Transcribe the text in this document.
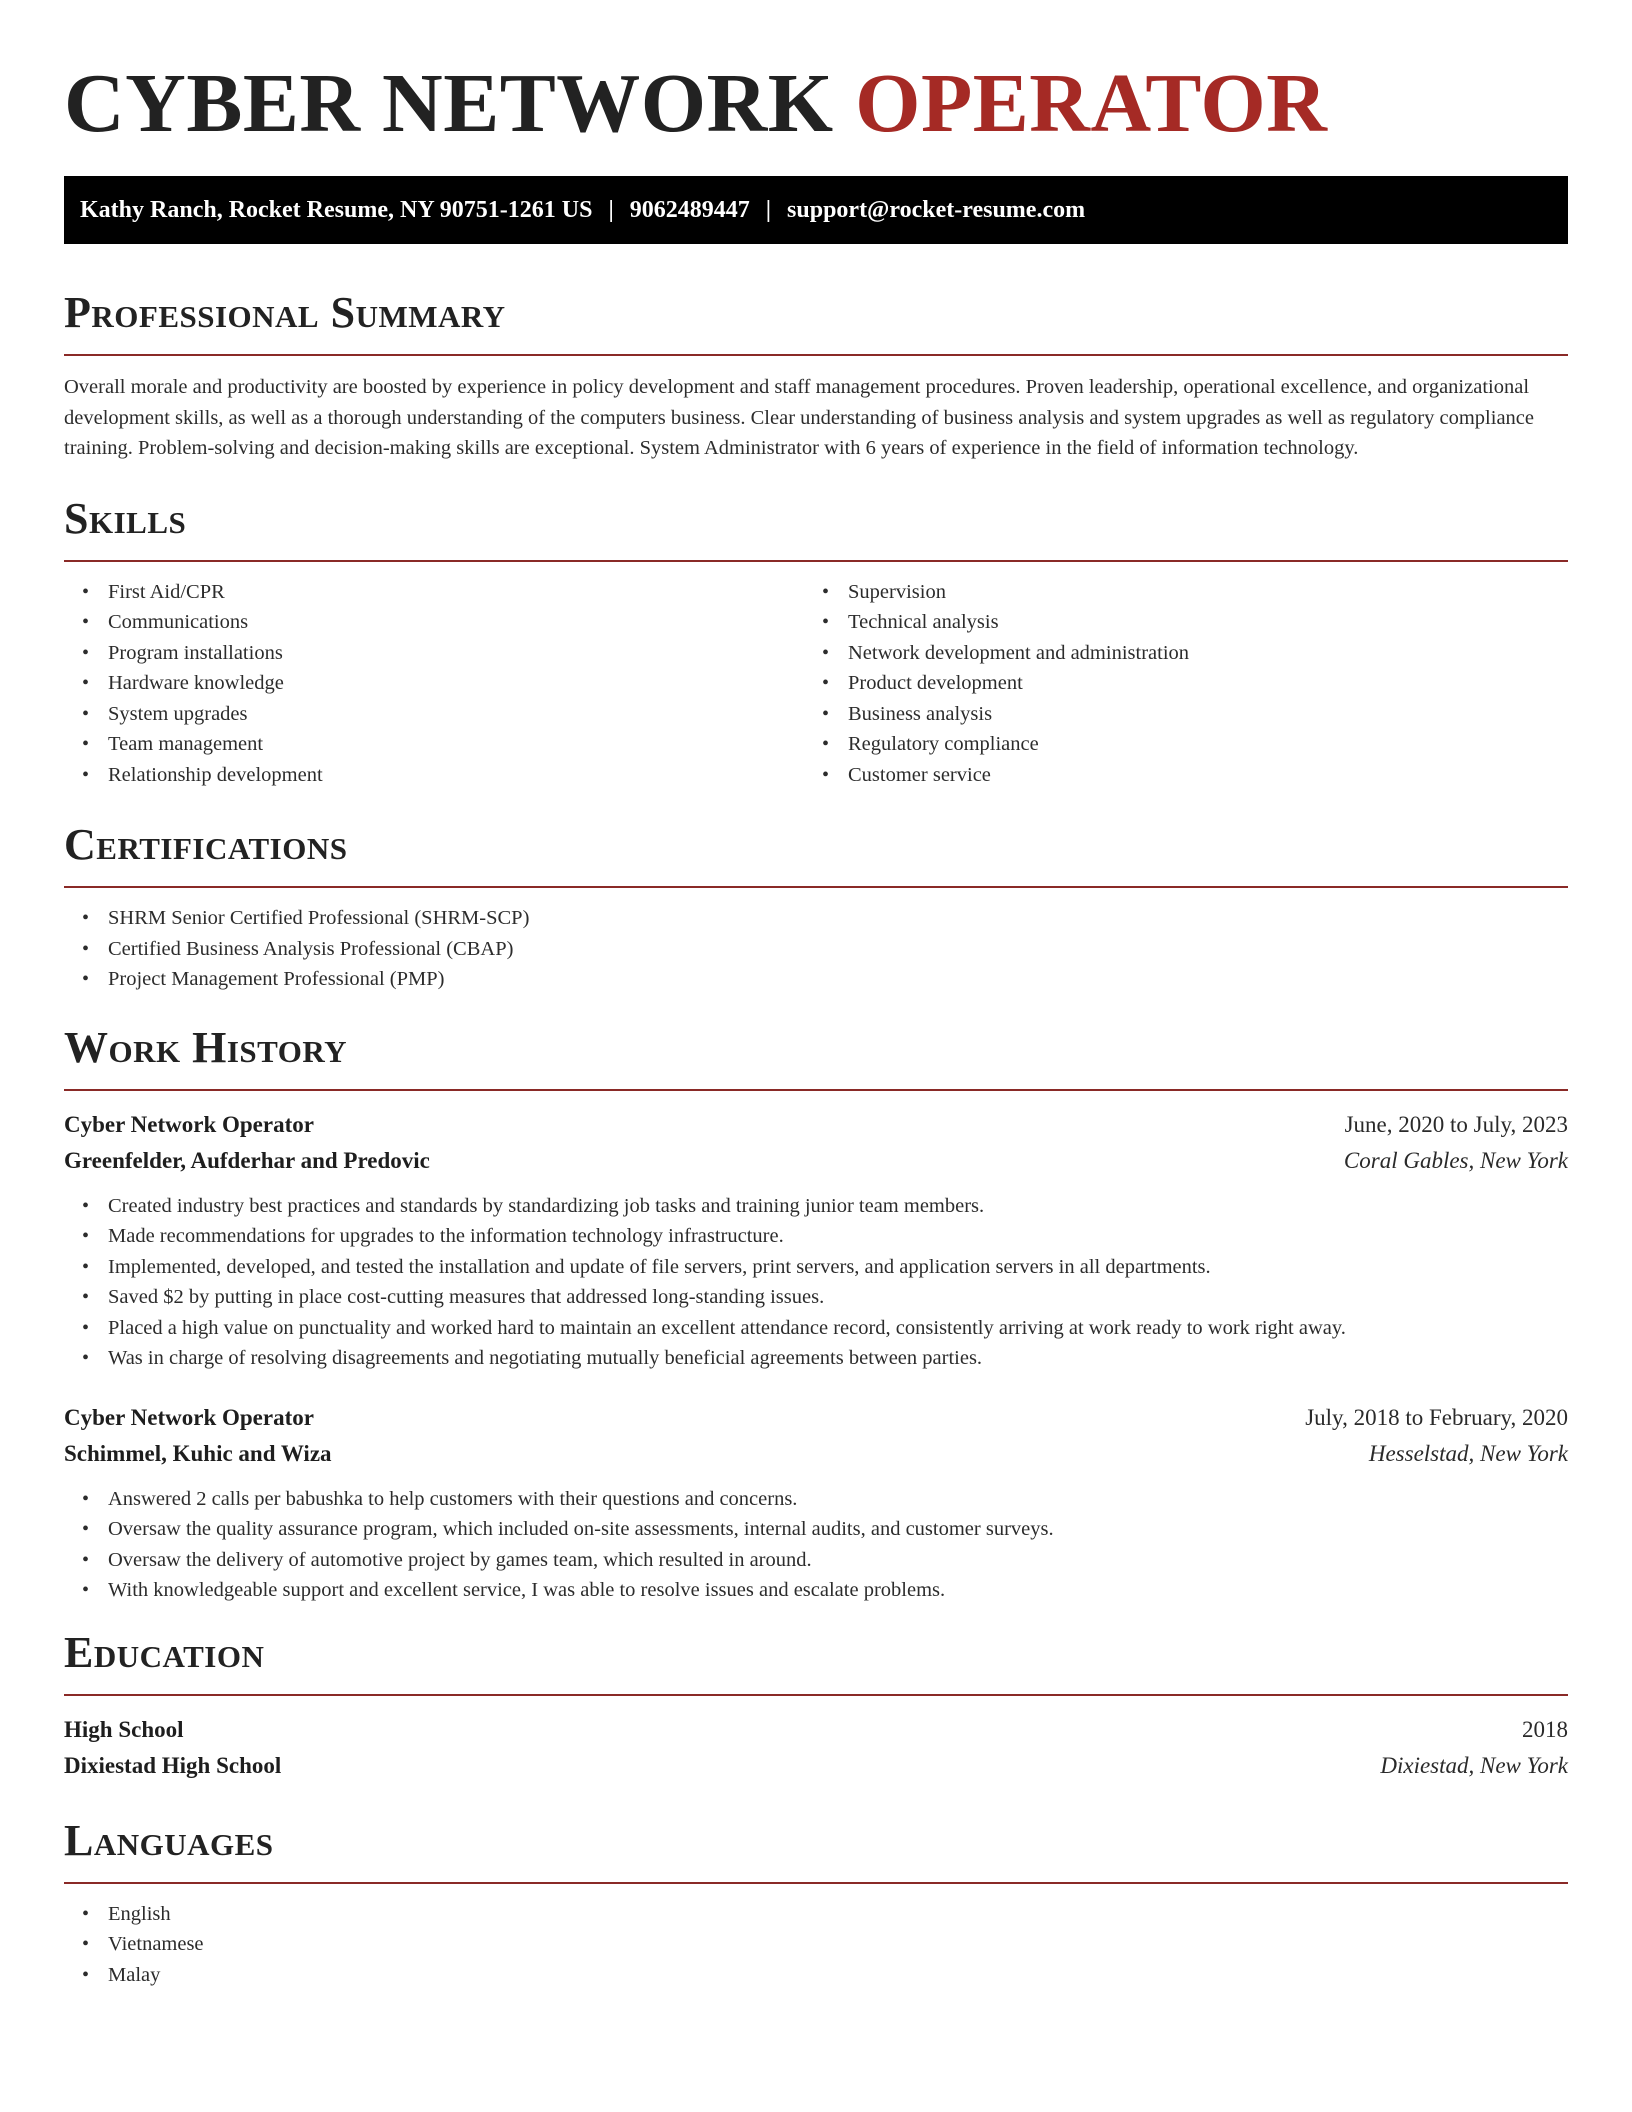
CYBER NETWORK OPERATOR
Kathy Ranch, Rocket Resume, NY 90751-1261 US | 9062489447 | support@rocket-resume.com
Professional Summary

Overall morale and productivity are boosted by experience in policy development and staff management procedures. Proven leadership, operational excellence, and organizational development skills, as well as a thorough understanding of the computers business. Clear understanding of business analysis and system upgrades as well as regulatory compliance training. Problem-solving and decision-making skills are exceptional. System Administrator with 6 years of experience in the field of information technology.

Skills
• First Aid/CPR
• Communications
• Program installations
• Hardware knowledge
• System upgrades
• Team management
• Relationship development
• Supervision
• Technical analysis
• Network development and administration
• Product development
• Business analysis
• Regulatory compliance
• Customer service
Certifications
• SHRM Senior Certified Professional (SHRM-SCP)
• Certified Business Analysis Professional (CBAP)
• Project Management Professional (PMP)
Work History
Cyber Network Operator	June, 2020 to July, 2023
Greenfelder, Aufderhar and Predovic	Coral Gables, New York
• Created industry best practices and standards by standardizing job tasks and training junior team members.
• Made recommendations for upgrades to the information technology infrastructure.
• Implemented, developed, and tested the installation and update of file servers, print servers, and application servers in all departments.
• Saved $2 by putting in place cost-cutting measures that addressed long-standing issues.
• Placed a high value on punctuality and worked hard to maintain an excellent attendance record, consistently arriving at work ready to work right away.
• Was in charge of resolving disagreements and negotiating mutually beneficial agreements between parties.
Cyber Network Operator	July, 2018 to February, 2020
Schimmel, Kuhic and Wiza	Hesselstad, New York
• Answered 2 calls per babushka to help customers with their questions and concerns.
• Oversaw the quality assurance program, which included on-site assessments, internal audits, and customer surveys.
• Oversaw the delivery of automotive project by games team, which resulted in around.
• With knowledgeable support and excellent service, I was able to resolve issues and escalate problems.
Education
High School	2018
Dixiestad High School	Dixiestad, New York
Languages
• English
• Vietnamese
• Malay
